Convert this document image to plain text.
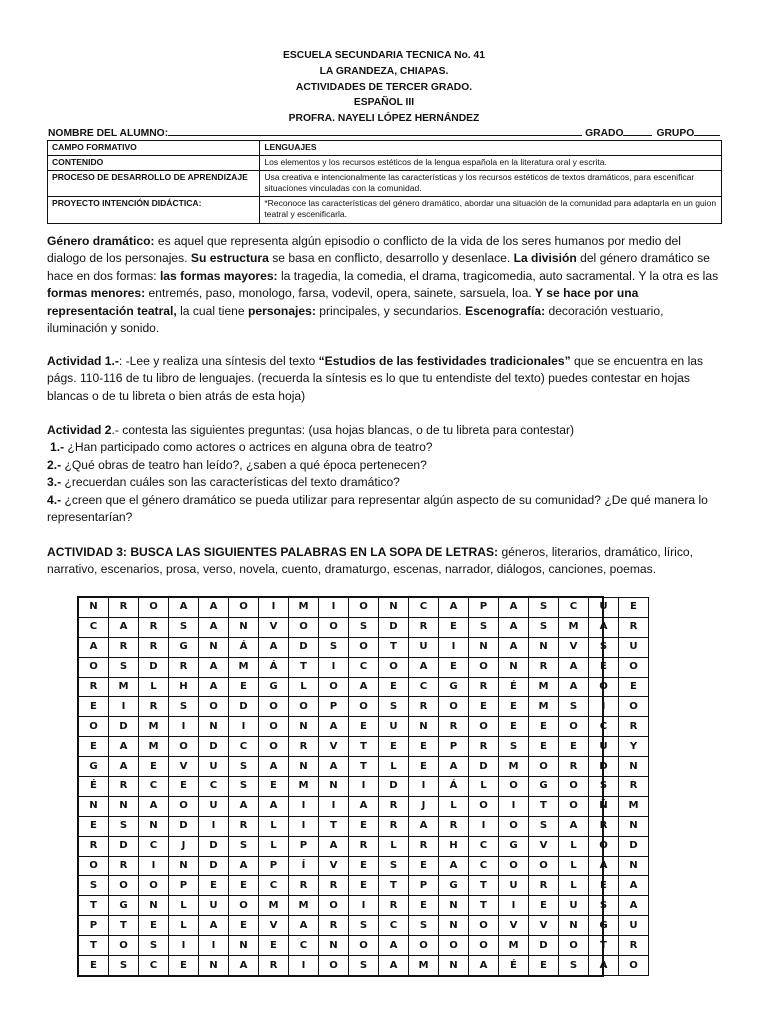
ESCUELA SECUNDARIA TECNICA No. 41
LA GRANDEZA, CHIAPAS.
ACTIVIDADES DE TERCER GRADO.
ESPAÑOL III
PROFRA. NAYELI LÓPEZ HERNÁNDEZ
NOMBRE DEL ALUMNO:	GRADO	GRUPO
CAMPO FORMATIVO	LENGUAJES
CONTENIDO	Los elementos y los recursos estéticos de la lengua española en la literatura oral y escrita.
PROCESO DE DESARROLLO DE APRENDIZAJE	Usa creativa e intencionalmente las características y los recursos estéticos de textos dramáticos, para escenificar situaciones vinculadas con la comunidad.
PROYECTO INTENCIÓN DIDÁCTICA:	*Reconoce las características del género dramático, abordar una situación de la comunidad para adaptarla en un guion teatral y escenificarla.
Género dramático: es aquel que representa algún episodio o conflicto de la vida de los seres humanos por medio del dialogo de los personajes. Su estructura se basa en conflicto, desarrollo y desenlace. La división del género dramático se hace en dos formas: las formas mayores: la tragedia, la comedia, el drama, tragicomedia, auto sacramental. Y la otra es las formas menores: entremés, paso, monologo, farsa, vodevil, opera, sainete, sarsuela, loa. Y se hace por una representación teatral, la cual tiene personajes: principales, y secundarios. Escenografía: decoración vestuario, iluminación y sonido.
Actividad 1.-: -Lee y realiza una síntesis del texto “Estudios de las festividades tradicionales” que se encuentra en las págs. 110-116 de tu libro de lenguajes. (recuerda la síntesis es lo que tu entendiste del texto) puedes contestar en hojas blancas o de tu libreta o bien atrás de esta hoja)
Actividad 2.- contesta las siguientes preguntas: (usa hojas blancas, o de tu libreta para contestar)
1.- ¿Han participado como actores o actrices en alguna obra de teatro?
2.- ¿Qué obras de teatro han leído?, ¿saben a qué época pertenecen?
3.- ¿recuerdan cuáles son las características del texto dramático?
4.- ¿creen que el género dramático se pueda utilizar para representar algún aspecto de su comunidad? ¿De qué manera lo representarían?
ACTIVIDAD 3: BUSCA LAS SIGUIENTES PALABRAS EN LA SOPA DE LETRAS: géneros, literarios, dramático, lírico, narrativo, escenarios, prosa, verso, novela, cuento, dramaturgo, escenas, narrador, diálogos, canciones, poemas.
N	R	O	A	A	O	I	M	I	O	N	C	A	P	A	S	C	U	E
C	A	R	S	A	N	V	O	O	S	D	R	E	S	A	S	M	A	R
A	R	R	G	N	Á	A	D	S	O	T	U	I	N	A	N	V	S	U
O	S	D	R	A	M	Á	T	I	C	O	A	E	O	N	R	A	E	O
R	M	L	H	A	E	G	L	O	A	E	C	G	R	É	M	A	O	E
E	I	R	S	O	D	O	O	P	O	S	R	O	E	E	M	S	I	O
O	D	M	I	N	I	O	N	A	E	U	N	R	O	E	E	O	C	R
E	A	M	O	D	C	O	R	V	T	E	E	P	R	S	E	E	U	Y
G	A	E	V	U	S	A	N	A	T	L	E	A	D	M	O	R	D	N
É	R	C	E	C	S	E	M	N	I	D	I	Á	L	O	G	O	S	R
N	N	A	O	U	A	A	I	I	A	R	J	L	O	I	T	O	Ñ	M
E	S	N	D	I	R	L	I	T	E	R	A	R	I	O	S	A	R	N
R	D	C	J	D	S	L	P	A	R	L	R	H	C	G	V	L	O	D
O	R	I	N	D	A	P	Í	V	E	S	E	A	C	O	O	L	A	N
S	O	O	P	E	E	C	R	R	E	T	P	G	T	U	R	L	E	A
T	G	N	L	U	O	M	M	O	I	R	E	N	T	I	E	U	S	A
P	T	E	L	A	E	V	A	R	S	C	S	N	O	V	V	N	G	U
T	O	S	I	I	N	E	C	N	O	A	O	O	O	M	D	O	T	R
E	S	C	E	N	A	R	I	O	S	A	M	N	A	É	E	S	A	O
